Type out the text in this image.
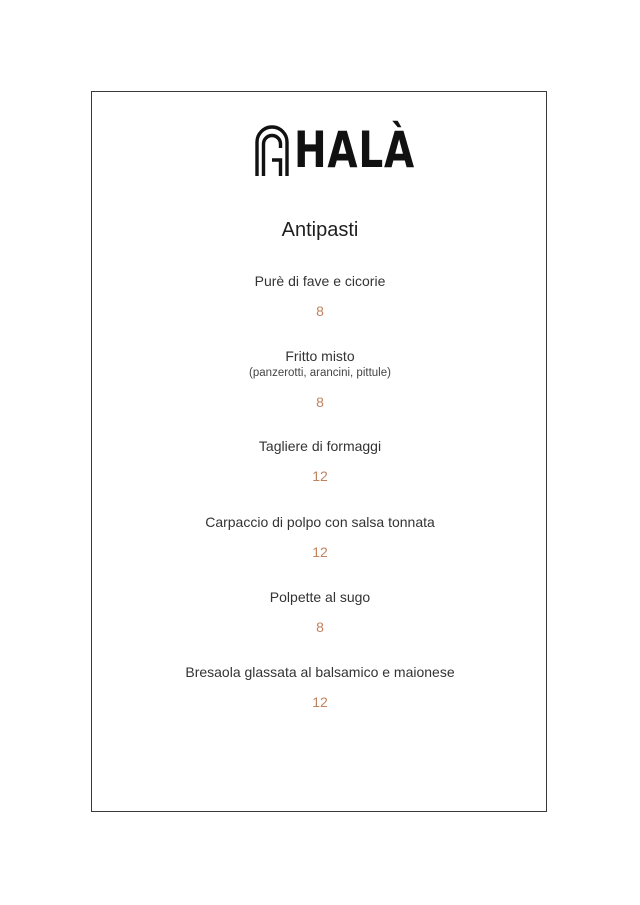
HALÀ
Antipasti
Purè di fave e cicorie
8
Fritto misto
(panzerotti, arancini, pittule)
8
Tagliere di formaggi
12
Carpaccio di polpo con salsa tonnata
12
Polpette al sugo
8
Bresaola glassata al balsamico e maionese
12
